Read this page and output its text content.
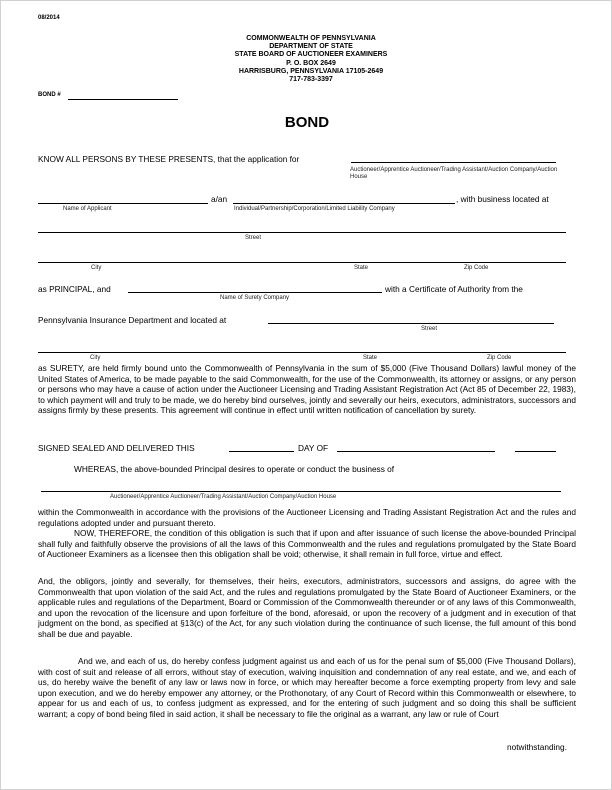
08/2014
COMMONWEALTH OF PENNSYLVANIA
DEPARTMENT OF STATE
STATE BOARD OF AUCTIONEER EXAMINERS
P. O. BOX 2649
HARRISBURG, PENNSYLVANIA 17105-2649
717-783-3397
BOND #
BOND
KNOW ALL PERSONS BY THESE PRESENTS, that the application for
Auctioneer/Apprentice Auctioneer/Trading Assistant/Auction Company/Auction House
a/an	, with business located at
Name of Applicant	Individual/Partnership/Corporation/Limited Liability Company
Street
City	State	Zip Code
as PRINCIPAL, and	with a Certificate of Authority from the
Name of Surety Company
Pennsylvania Insurance Department and located at
Street
City	State	Zip Code
as SURETY, are held firmly bound unto the Commonwealth of Pennsylvania in the sum of $5,000 (Five Thousand Dollars) lawful money of the United States of America, to be made payable to the said Commonwealth, for the use of the Commonwealth, its attorney or assigns, or any person or persons who may have a cause of action under the Auctioneer Licensing and Trading Assistant Registration Act (Act 85 of December 22, 1983), to which payment will and truly to be made, we do hereby bind ourselves, jointly and severally our heirs, executors, administrators, successors and assigns firmly by these presents. This agreement will continue in effect until written notification of cancellation by surety.
SIGNED SEALED AND DELIVERED THIS	DAY OF
WHEREAS, the above-bounded Principal desires to operate or conduct the business of
Auctioneer/Apprentice Auctioneer/Trading Assistant/Auction Company/Auction House
within the Commonwealth in accordance with the provisions of the Auctioneer Licensing and Trading Assistant Registration Act and the rules and regulations adopted under and pursuant thereto.
NOW, THEREFORE, the condition of this obligation is such that if upon and after issuance of such license the above-bounded Principal shall fully and faithfully observe the provisions of all the laws of this Commonwealth and the rules and regulations promulgated by the State Board of Auctioneer Examiners as a licensee then this obligation shall be void; otherwise, it shall remain in full force, virtue and effect.
And, the obligors, jointly and severally, for themselves, their heirs, executors, administrators, successors and assigns, do agree with the Commonwealth that upon violation of the said Act, and the rules and regulations promulgated by the State Board of Auctioneer Examiners, or the applicable rules and regulations of the Department, Board or Commission of the Commonwealth thereunder or of any laws of this Commonwealth, and upon the revocation of the licensure and upon forfeiture of the bond, aforesaid, or upon the recovery of a judgment and in execution of that judgment on the bond, as specified at §13(c) of the Act, for any such violation during the continuance of such license, the full amount of this bond shall be due and payable.
And we, and each of us, do hereby confess judgment against us and each of us for the penal sum of $5,000 (Five Thousand Dollars), with cost of suit and release of all errors, without stay of execution, waiving inquisition and condemnation of any real estate, and we, and each of us, do hereby waive the benefit of any law or laws now in force, or which may hereafter become a force exempting property from levy and sale upon execution, and we do hereby empower any attorney, or the Prothonotary, of any Court of Record within this Commonwealth or elsewhere, to appear for us and each of us, to confess judgment as expressed, and for the entering of such judgment and so doing this shall be sufficient warrant; a copy of bond being filed in said action, it shall be necessary to file the original as a warrant, any law or rule of Court
notwithstanding.
